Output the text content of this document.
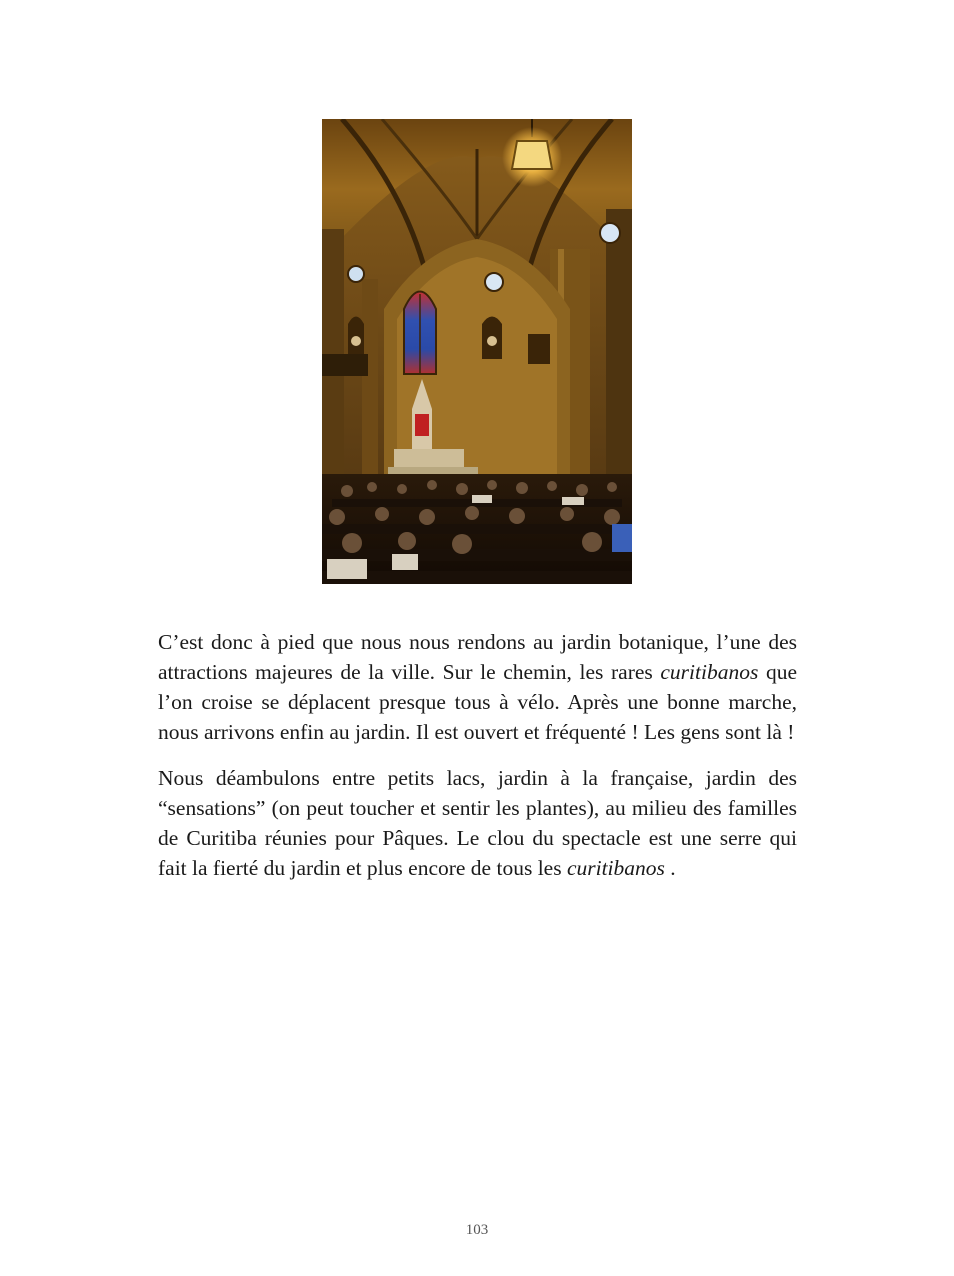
C’est donc à pied que nous nous rendons au jardin botanique, l’une des attractions majeures de la ville. Sur le chemin, les rares curitibanos que l’on croise se déplacent presque tous à vélo. Après une bonne marche, nous arrivons enfin au jardin. Il est ouvert et fréquenté ! Les gens sont là !

Nous déambulons entre petits lacs, jardin à la française, jardin des “sensations” (on peut toucher et sentir les plantes), au milieu des familles de Curitiba réunies pour Pâques. Le clou du spectacle est une serre qui fait la fierté du jardin et plus encore de tous les curitibanos .

103
